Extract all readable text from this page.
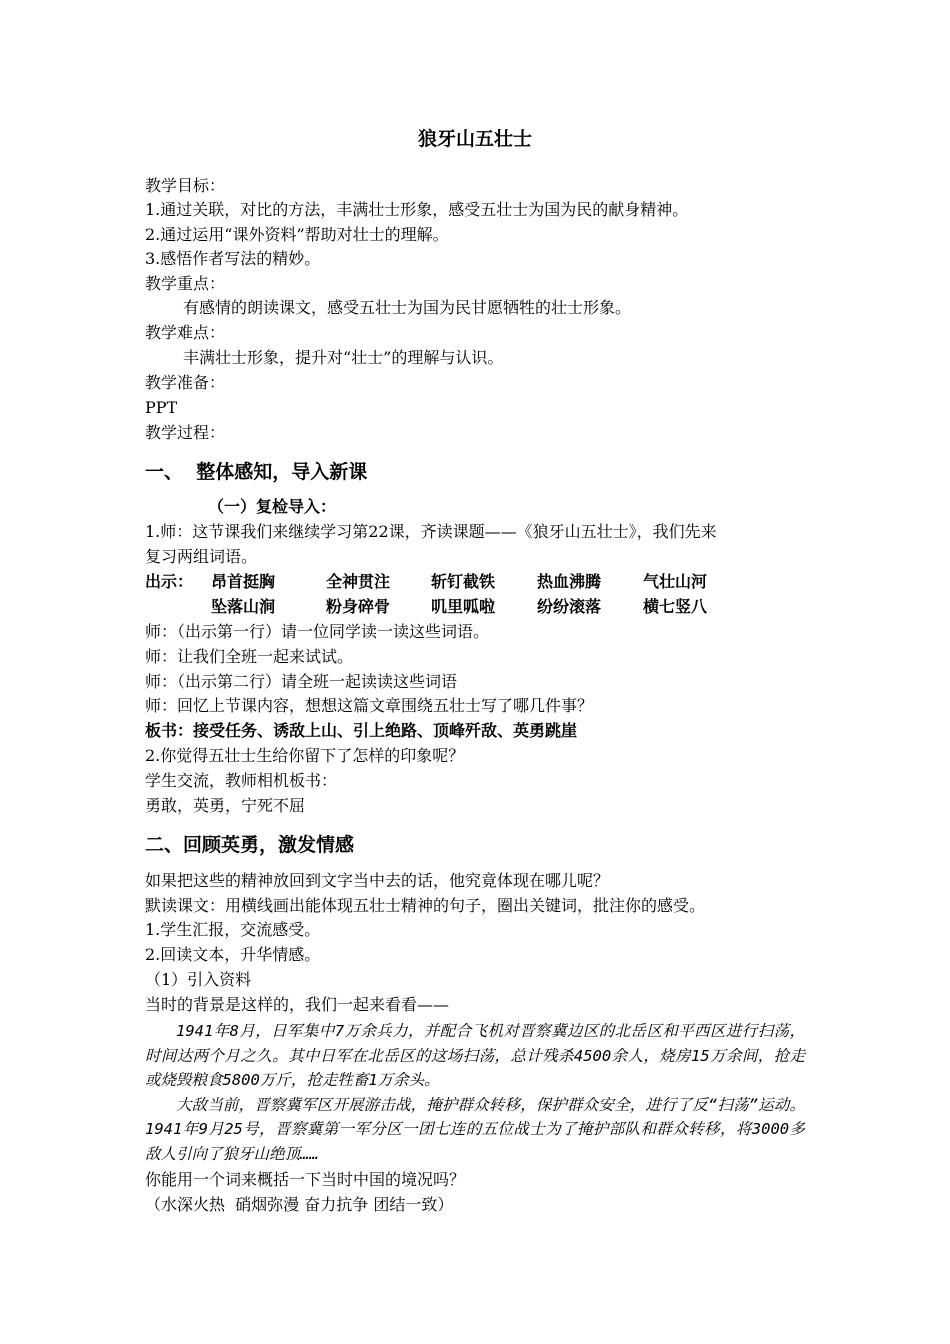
狼牙山五壮士
教学目标：
1.通过关联，对比的方法，丰满壮士形象，感受五壮士为国为民的献身精神。
2.通过运用“课外资料”帮助对壮士的理解。
3.感悟作者写法的精妙。
教学重点：
有感情的朗读课文，感受五壮士为国为民甘愿牺牲的壮士形象。
教学难点：
丰满壮士形象，提升对“壮士”的理解与认识。
教学准备：
PPT
教学过程：
一、  整体感知，导入新课
（一）复检导入：
1.师：这节课我们来继续学习第22课，齐读课题——《狼牙山五壮士》，我们先来
复习两组词语。
出示： 昂首挺胸	全神贯注	斩钉截铁	热血沸腾	气壮山河
坠落山涧	粉身碎骨	叽里呱啦	纷纷滚落	横七竖八
师：（出示第一行）请一位同学读一读这些词语。
师：让我们全班一起来试试。
师：（出示第二行）请全班一起读读这些词语
师：回忆上节课内容，想想这篇文章围绕五壮士写了哪几件事？
板书：接受任务、诱敌上山、引上绝路、顶峰歼敌、英勇跳崖
2.你觉得五壮士生给你留下了怎样的印象呢？
学生交流，教师相机板书：
勇敢，英勇，宁死不屈
二、回顾英勇，激发情感
如果把这些的精神放回到文字当中去的话，他究竟体现在哪儿呢？
默读课文：用横线画出能体现五壮士精神的句子，圈出关键词，批注你的感受。
1.学生汇报，交流感受。
2.回读文本，升华情感。
（1）引入资料
当时的背景是这样的，我们一起来看看——

1941年8月，日军集中7万余兵力，并配合飞机对晋察冀边区的北岳区和平西区进行扫荡，时间达两个月之久。其中日军在北岳区的这场扫荡，总计残杀4500余人，烧房15万余间，抢走或烧毁粮食5800万斤，抢走牲畜1万余头。

大敌当前，晋察冀军区开展游击战，掩护群众转移，保护群众安全，进行了反“扫荡”运动。1941年9月25号，晋察冀第一军分区一团七连的五位战士为了掩护部队和群众转移，将3000多敌人引向了狼牙山绝顶……

你能用一个词来概括一下当时中国的境况吗？
（水深火热  硝烟弥漫 奋力抗争 团结一致）
